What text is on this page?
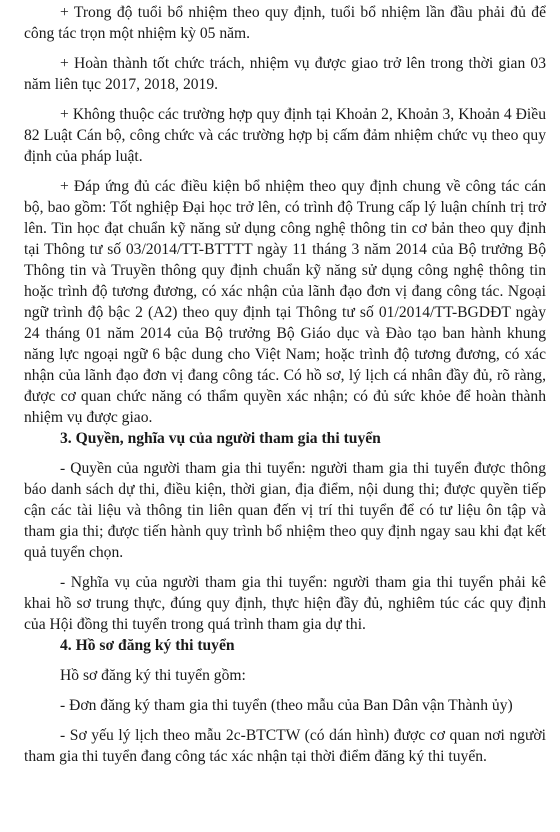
+ Trong độ tuổi bổ nhiệm theo quy định, tuổi bổ nhiệm lần đầu phải đủ để công tác trọn một nhiệm kỳ 05 năm.

+ Hoàn thành tốt chức trách, nhiệm vụ được giao trở lên trong thời gian 03 năm liên tục 2017, 2018, 2019.

+ Không thuộc các trường hợp quy định tại Khoản 2, Khoản 3, Khoản 4 Điều 82 Luật Cán bộ, công chức và các trường hợp bị cấm đảm nhiệm chức vụ theo quy định của pháp luật.

+ Đáp ứng đủ các điều kiện bổ nhiệm theo quy định chung về công tác cán bộ, bao gồm: Tốt nghiệp Đại học trở lên, có trình độ Trung cấp lý luận chính trị trở lên. Tin học đạt chuẩn kỹ năng sử dụng công nghệ thông tin cơ bản theo quy định tại Thông tư số 03/2014/TT-BTTTT ngày 11 tháng 3 năm 2014 của Bộ trưởng Bộ Thông tin và Truyền thông quy định chuẩn kỹ năng sử dụng công nghệ thông tin hoặc trình độ tương đương, có xác nhận của lãnh đạo đơn vị đang công tác. Ngoại ngữ trình độ bậc 2 (A2) theo quy định tại Thông tư số 01/2014/TT-BGDĐT ngày 24 tháng 01 năm 2014 của Bộ trưởng Bộ Giáo dục và Đào tạo ban hành khung năng lực ngoại ngữ 6 bậc dung cho Việt Nam; hoặc trình độ tương đương, có xác nhận của lãnh đạo đơn vị đang công tác. Có hồ sơ, lý lịch cá nhân đầy đủ, rõ ràng, được cơ quan chức năng có thẩm quyền xác nhận; có đủ sức khỏe để hoàn thành nhiệm vụ được giao.

3. Quyền, nghĩa vụ của người tham gia thi tuyển

- Quyền của người tham gia thi tuyển: người tham gia thi tuyển được thông báo danh sách dự thi, điều kiện, thời gian, địa điểm, nội dung thi; được quyền tiếp cận các tài liệu và thông tin liên quan đến vị trí thi tuyển để có tư liệu ôn tập và tham gia thi; được tiến hành quy trình bổ nhiệm theo quy định ngay sau khi đạt kết quả tuyển chọn.

- Nghĩa vụ của người tham gia thi tuyển: người tham gia thi tuyển phải kê khai hồ sơ trung thực, đúng quy định, thực hiện đầy đủ, nghiêm túc các quy định của Hội đồng thi tuyển trong quá trình tham gia dự thi.

4. Hồ sơ đăng ký thi tuyển

Hồ sơ đăng ký thi tuyển gồm:

- Đơn đăng ký tham gia thi tuyển (theo mẫu của Ban Dân vận Thành ủy)

- Sơ yếu lý lịch theo mẫu 2c-BTCTW (có dán hình) được cơ quan nơi người tham gia thi tuyển đang công tác xác nhận tại thời điểm đăng ký thi tuyển.
